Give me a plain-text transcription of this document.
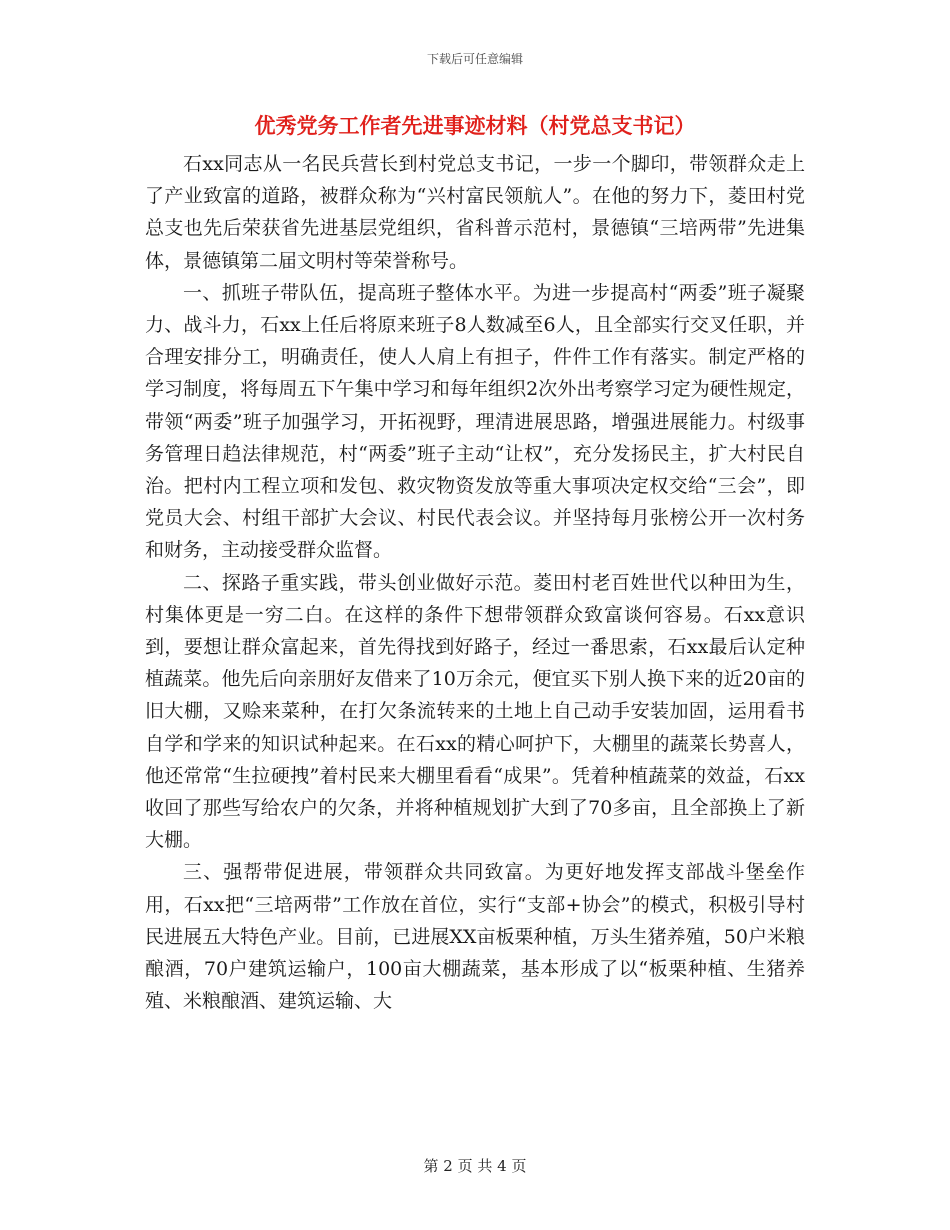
下载后可任意编辑
优秀党务工作者先进事迹材料（村党总支书记）

石xx同志从一名民兵营长到村党总支书记，一步一个脚印，带领群众走上了产业致富的道路，被群众称为“兴村富民领航人”。在他的努力下，菱田村党总支也先后荣获省先进基层党组织，省科普示范村，景德镇“三培两带”先进集体，景德镇第二届文明村等荣誉称号。

一、抓班子带队伍，提高班子整体水平。为进一步提高村“两委”班子凝聚力、战斗力，石xx上任后将原来班子8人数减至6人，且全部实行交叉任职，并合理安排分工，明确责任，使人人肩上有担子，件件工作有落实。制定严格的学习制度，将每周五下午集中学习和每年组织2次外出考察学习定为硬性规定，带领“两委”班子加强学习，开拓视野，理清进展思路，增强进展能力。村级事务管理日趋法律规范，村“两委”班子主动“让权”，充分发扬民主，扩大村民自治。把村内工程立项和发包、救灾物资发放等重大事项决定权交给“三会”，即党员大会、村组干部扩大会议、村民代表会议。并坚持每月张榜公开一次村务和财务，主动接受群众监督。

二、探路子重实践，带头创业做好示范。菱田村老百姓世代以种田为生，村集体更是一穷二白。在这样的条件下想带领群众致富谈何容易。石xx意识到，要想让群众富起来，首先得找到好路子，经过一番思索，石xx最后认定种植蔬菜。他先后向亲朋好友借来了10万余元，便宜买下别人换下来的近20亩的旧大棚，又赊来菜种，在打欠条流转来的土地上自己动手安装加固，运用看书自学和学来的知识试种起来。在石xx的精心呵护下，大棚里的蔬菜长势喜人，他还常常“生拉硬拽”着村民来大棚里看看“成果”。凭着种植蔬菜的效益，石xx收回了那些写给农户的欠条，并将种植规划扩大到了70多亩，且全部换上了新大棚。

三、强帮带促进展，带领群众共同致富。为更好地发挥支部战斗堡垒作用，石xx把“三培两带”工作放在首位，实行“支部+协会”的模式，积极引导村民进展五大特色产业。目前，已进展XX亩板栗种植，万头生猪养殖，50户米粮酿酒，70户建筑运输户，100亩大棚蔬菜，基本形成了以“板栗种植、生猪养殖、米粮酿酒、建筑运输、大

第 2 页 共 4 页
